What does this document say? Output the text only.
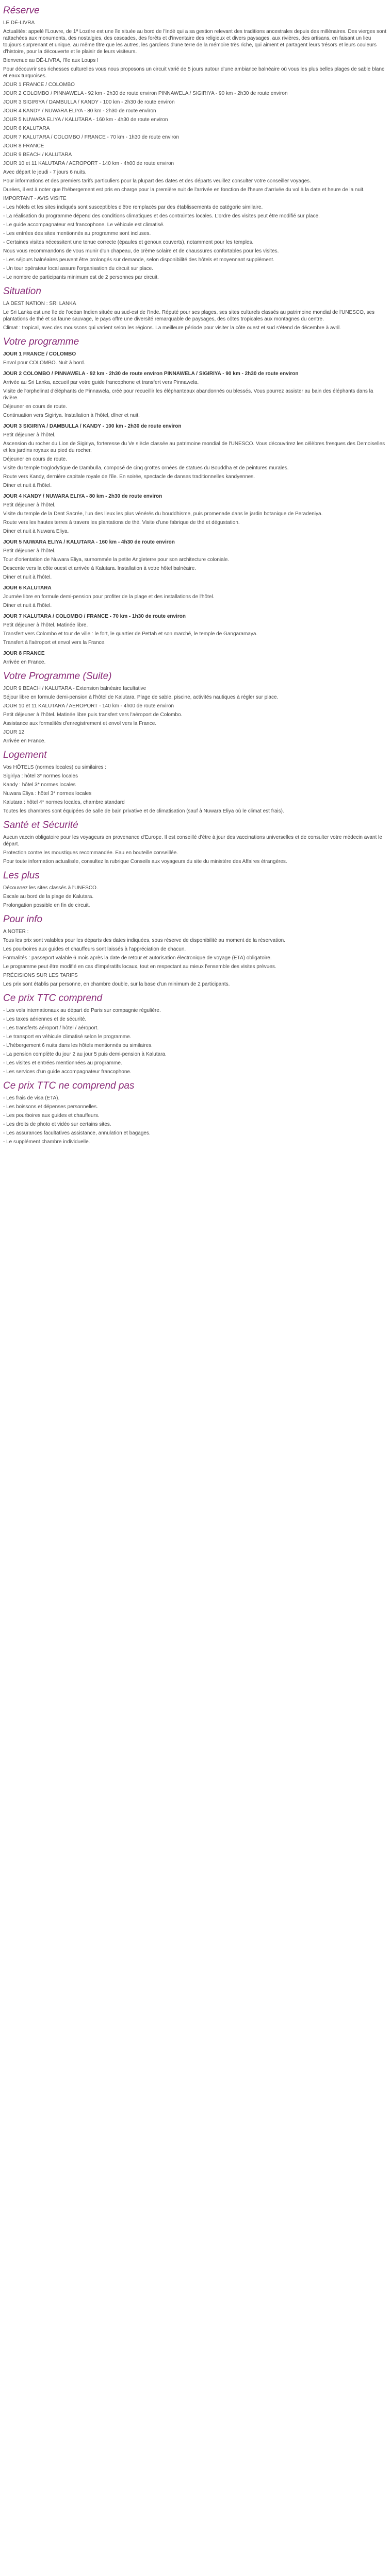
Réserve

LE DÉ-LIVRA

Actualités: appelé l'Louvre, de 1ª Lozère est une île située au bord de l'Indé qui a sa gestion relevant des traditions ancestrales depuis des millénaires. Des vierges sont rattachées aux monuments, des nostalgies, des cascades, des forêts et d'inventaire des religieux et divers paysages, aux rivières, des artisans, en faisant un lieu toujours surprenant et unique, au même titre que les autres, les gardiens d'une terre de la mémoire très riche, qui aiment et partagent leurs trésors et leurs couleurs d'histoire, pour la découverte et le plaisir de leurs visiteurs.

Bienvenue au DÉ-LIVRA, l'île aux Loups !

Pour découvrir ses richesses culturelles vous nous proposons un circuit varié de 5 jours autour d'une ambiance balnéaire où vous les plus belles plages de sable blanc et eaux turquoises.

JOUR 1 FRANCE / COLOMBO

JOUR 2 COLOMBO / PINNAWELA - 92 km - 2h30 de route environ PINNAWELA / SIGIRIYA - 90 km - 2h30 de route environ

JOUR 3 SIGIRIYA / DAMBULLA / KANDY - 100 km - 2h30 de route environ

JOUR 4 KANDY / NUWARA ELIYA - 80 km - 2h30 de route environ

JOUR 5 NUWARA ELIYA / KALUTARA - 160 km - 4h30 de route environ

JOUR 6 KALUTARA

JOUR 7 KALUTARA / COLOMBO / FRANCE - 70 km - 1h30 de route environ

JOUR 8 FRANCE

JOUR 9 BEACH / KALUTARA

JOUR 10 et 11 KALUTARA / AEROPORT - 140 km - 4h00 de route environ

Avec départ le jeudi - 7 jours 6 nuits.

Pour informations et des premiers tarifs particuliers pour la plupart des dates et des départs veuillez consulter votre conseiller voyages.

Durées, il est à noter que l'hébergement est pris en charge pour la première nuit de l'arrivée en fonction de l'heure d'arrivée du vol à la date et heure de la nuit.

IMPORTANT - AVIS VISITE

- Les hôtels et les sites indiqués sont susceptibles d'être remplacés par des établissements de catégorie similaire.

- La réalisation du programme dépend des conditions climatiques et des contraintes locales. L'ordre des visites peut être modifié sur place.

- Le guide accompagnateur est francophone. Le véhicule est climatisé.

- Les entrées des sites mentionnés au programme sont incluses.

- Certaines visites nécessitent une tenue correcte (épaules et genoux couverts), notamment pour les temples.

Nous vous recommandons de vous munir d'un chapeau, de crème solaire et de chaussures confortables pour les visites.

- Les séjours balnéaires peuvent être prolongés sur demande, selon disponibilité des hôtels et moyennant supplément.

- Un tour opérateur local assure l'organisation du circuit sur place.

- Le nombre de participants minimum est de 2 personnes par circuit.

Situation

LA DESTINATION : SRI LANKA

Le Sri Lanka est une île de l'océan Indien située au sud-est de l'Inde. Réputé pour ses plages, ses sites culturels classés au patrimoine mondial de l'UNESCO, ses plantations de thé et sa faune sauvage, le pays offre une diversité remarquable de paysages, des côtes tropicales aux montagnes du centre.

Climat : tropical, avec des moussons qui varient selon les régions. La meilleure période pour visiter la côte ouest et sud s'étend de décembre à avril.

Votre programme

JOUR 1 FRANCE / COLOMBO

Envol pour COLOMBO. Nuit à bord.

JOUR 2 COLOMBO / PINNAWELA - 92 km - 2h30 de route environ PINNAWELA / SIGIRIYA - 90 km - 2h30 de route environ

Arrivée au Sri Lanka, accueil par votre guide francophone et transfert vers Pinnawela.

Visite de l'orphelinat d'éléphants de Pinnawela, créé pour recueillir les éléphanteaux abandonnés ou blessés. Vous pourrez assister au bain des éléphants dans la rivière.

Déjeuner en cours de route.

Continuation vers Sigiriya. Installation à l'hôtel, dîner et nuit.

JOUR 3 SIGIRIYA / DAMBULLA / KANDY - 100 km - 2h30 de route environ

Petit déjeuner à l'hôtel.

Ascension du rocher du Lion de Sigiriya, forteresse du Ve siècle classée au patrimoine mondial de l'UNESCO. Vous découvrirez les célèbres fresques des Demoiselles et les jardins royaux au pied du rocher.

Déjeuner en cours de route.

Visite du temple troglodytique de Dambulla, composé de cinq grottes ornées de statues du Bouddha et de peintures murales.

Route vers Kandy, dernière capitale royale de l'île. En soirée, spectacle de danses traditionnelles kandyennes.

Dîner et nuit à l'hôtel.

JOUR 4 KANDY / NUWARA ELIYA - 80 km - 2h30 de route environ

Petit déjeuner à l'hôtel.

Visite du temple de la Dent Sacrée, l'un des lieux les plus vénérés du bouddhisme, puis promenade dans le jardin botanique de Peradeniya.

Route vers les hautes terres à travers les plantations de thé. Visite d'une fabrique de thé et dégustation.

Dîner et nuit à Nuwara Eliya.

JOUR 5 NUWARA ELIYA / KALUTARA - 160 km - 4h30 de route environ

Petit déjeuner à l'hôtel.

Tour d'orientation de Nuwara Eliya, surnommée la petite Angleterre pour son architecture coloniale.

Descente vers la côte ouest et arrivée à Kalutara. Installation à votre hôtel balnéaire.

Dîner et nuit à l'hôtel.

JOUR 6 KALUTARA

Journée libre en formule demi-pension pour profiter de la plage et des installations de l'hôtel.

Dîner et nuit à l'hôtel.

JOUR 7 KALUTARA / COLOMBO / FRANCE - 70 km - 1h30 de route environ

Petit déjeuner à l'hôtel. Matinée libre.

Transfert vers Colombo et tour de ville : le fort, le quartier de Pettah et son marché, le temple de Gangaramaya.

Transfert à l'aéroport et envol vers la France.

JOUR 8 FRANCE

Arrivée en France.

Votre Programme (Suite)

JOUR 9 BEACH / KALUTARA - Extension balnéaire facultative

Séjour libre en formule demi-pension à l'hôtel de Kalutara. Plage de sable, piscine, activités nautiques à régler sur place.

JOUR 10 et 11 KALUTARA / AEROPORT - 140 km - 4h00 de route environ

Petit déjeuner à l'hôtel. Matinée libre puis transfert vers l'aéroport de Colombo.

Assistance aux formalités d'enregistrement et envol vers la France.

JOUR 12

Arrivée en France.

Logement

Vos HÔTELS (normes locales) ou similaires :

Sigiriya : hôtel 3* normes locales

Kandy : hôtel 3* normes locales

Nuwara Eliya : hôtel 3* normes locales

Kalutara : hôtel 4* normes locales, chambre standard

Toutes les chambres sont équipées de salle de bain privative et de climatisation (sauf à Nuwara Eliya où le climat est frais).

Santé et Sécurité

Aucun vaccin obligatoire pour les voyageurs en provenance d'Europe. Il est conseillé d'être à jour des vaccinations universelles et de consulter votre médecin avant le départ.

Protection contre les moustiques recommandée. Eau en bouteille conseillée.

Pour toute information actualisée, consultez la rubrique Conseils aux voyageurs du site du ministère des Affaires étrangères.

Les plus

Découvrez les sites classés à l'UNESCO.

Escale au bord de la plage de Kalutara.

Prolongation possible en fin de circuit.

Pour info

A NOTER :

Tous les prix sont valables pour les départs des dates indiquées, sous réserve de disponibilité au moment de la réservation.

Les pourboires aux guides et chauffeurs sont laissés à l'appréciation de chacun.

Formalités : passeport valable 6 mois après la date de retour et autorisation électronique de voyage (ETA) obligatoire.

Le programme peut être modifié en cas d'impératifs locaux, tout en respectant au mieux l'ensemble des visites prévues.

PRÉCISIONS SUR LES TARIFS

Les prix sont établis par personne, en chambre double, sur la base d'un minimum de 2 participants.

Ce prix TTC comprend

- Les vols internationaux au départ de Paris sur compagnie régulière.

- Les taxes aériennes et de sécurité.

- Les transferts aéroport / hôtel / aéroport.

- Le transport en véhicule climatisé selon le programme.

- L'hébergement 6 nuits dans les hôtels mentionnés ou similaires.

- La pension complète du jour 2 au jour 5 puis demi-pension à Kalutara.

- Les visites et entrées mentionnées au programme.

- Les services d'un guide accompagnateur francophone.

Ce prix TTC ne comprend pas

- Les frais de visa (ETA).

- Les boissons et dépenses personnelles.

- Les pourboires aux guides et chauffeurs.

- Les droits de photo et vidéo sur certains sites.

- Les assurances facultatives assistance, annulation et bagages.

- Le supplément chambre individuelle.
